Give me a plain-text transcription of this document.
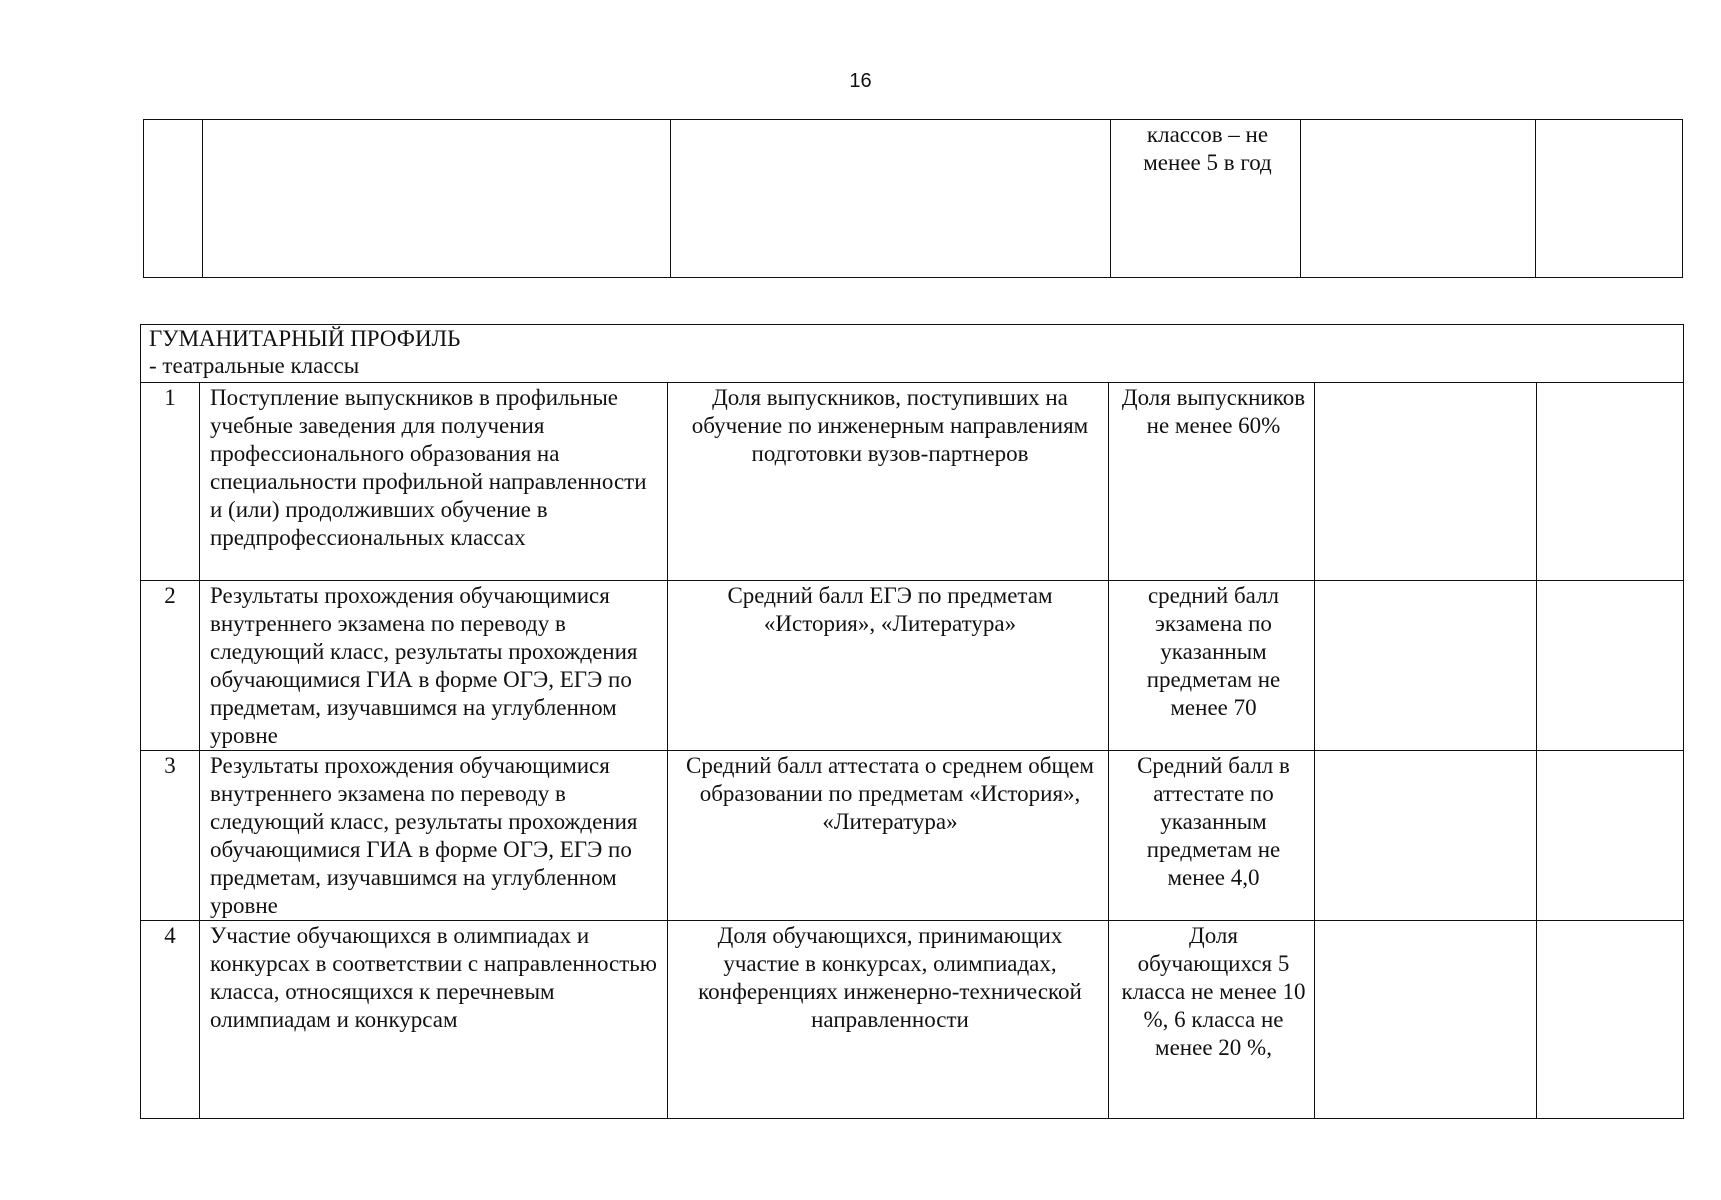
16
			классов – не менее 5 в год		
ГУМАНИТАРНЫЙ ПРОФИЛЬ
- театральные классы					

1	Поступление выпускников в профильные учебные заведения для получения профессионального образования на специальности профильной направленности и (или) продолживших обучение в предпрофессиональных классах	Доля выпускников, поступивших на обучение по инженерным направлениям подготовки вузов-партнеров	Доля выпускников не менее 60%		
2	Результаты прохождения обучающимися внутреннего экзамена по переводу в следующий класс, результаты прохождения обучающимися ГИА в форме ОГЭ, ЕГЭ по предметам, изучавшимся на углубленном уровне	Средний балл ЕГЭ по предметам «История», «Литература»	средний балл экзамена по указанным предметам не менее 70		
3	Результаты прохождения обучающимися внутреннего экзамена по переводу в следующий класс, результаты прохождения обучающимися ГИА в форме ОГЭ, ЕГЭ по предметам, изучавшимся на углубленном уровне	Средний балл аттестата о среднем общем образовании по предметам «История», «Литература»	Средний балл в аттестате по указанным предметам не менее 4,0		
4	Участие обучающихся в олимпиадах и конкурсах в соответствии с направленностью класса, относящихся к перечневым олимпиадам и конкурсам	Доля обучающихся, принимающих участие в конкурсах, олимпиадах, конференциях инженерно-технической направленности	Доля обучающихся 5 класса не менее 10 %, 6 класса не менее 20 %,		
